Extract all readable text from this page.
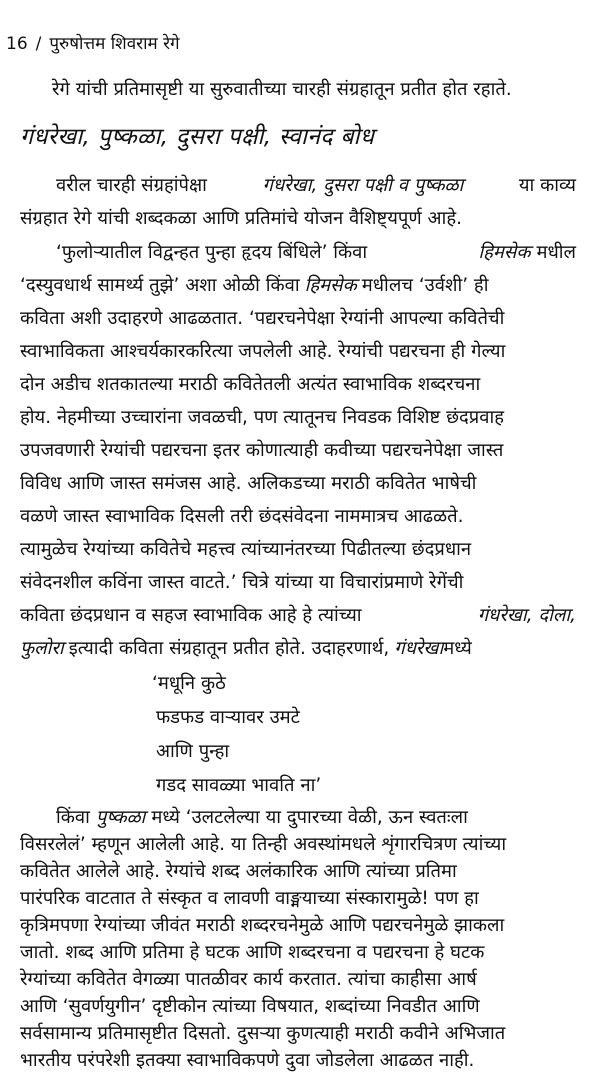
16 / पुरुषोत्तम शिवराम रेगे
रेगे यांची प्रतिमासृष्टी या सुरुवातीच्या चारही संग्रहातून प्रतीत होत रहाते.
गंधरेखा, पुष्कळा, दुसरा पक्षी, स्वानंद बोध
वरील चारही संग्रहांपेक्षा	गंधरेखा, दुसरा पक्षी व पुष्कळा	या काव्य
संग्रहात रेगे यांची शब्दकळा आणि प्रतिमांचे योजन वैशिष्ट्यपूर्ण आहे.
‘फुलोऱ्यातील विद्वन्हत पुन्हा हृदय बिंधिले’ किंवा	हिमसेक मधील
‘दस्युवधार्थ सामर्थ्य तुझे’ अशा ओळी किंवा हिमसेक मधीलच ‘उर्वशी’ ही
कविता अशी उदाहरणे आढळतात. ‘पद्यरचनेपेक्षा रेग्यांनी आपल्या कवितेची
स्वाभाविकता आश्चर्यकारकरित्या जपलेली आहे. रेग्यांची पद्यरचना ही गेल्या
दोन अडीच शतकातल्या मराठी कवितेतली अत्यंत स्वाभाविक शब्दरचना
होय. नेहमीच्या उच्चारांना जवळची, पण त्यातूनच निवडक विशिष्ट छंदप्रवाह
उपजवणारी रेग्यांची पद्यरचना इतर कोणात्याही कवीच्या पद्यरचनेपेक्षा जास्त
विविध आणि जास्त समंजस आहे. अलिकडच्या मराठी कवितेत भाषेची
वळणे जास्त स्वाभाविक दिसली तरी छंदसंवेदना नाममात्रच आढळते.
त्यामुळेच रेग्यांच्या कवितेचे महत्त्व त्यांच्यानंतरच्या पिढीतल्या छंदप्रधान
संवेदनशील कविंना जास्त वाटते.’ चित्रे यांच्या या विचारांप्रमाणे रेगेंची
कविता छंदप्रधान व सहज स्वाभाविक आहे हे त्यांच्या	गंधरेखा, दोला,
फुलोरा इत्यादी कविता संग्रहातून प्रतीत होते. उदाहरणार्थ, गंधरेखा मध्ये
‘मधूनि कुठे
फडफड वाऱ्यावर उमटे
आणि पुन्हा
गडद सावळ्या भावति ना’
किंवा पुष्कळा मध्ये ‘उलटलेल्या या दुपारच्या वेळी, ऊन स्वतःला
विसरलेलं’ म्हणून आलेली आहे. या तिन्ही अवस्थांमधले शृंगारचित्रण त्यांच्या
कवितेत आलेले आहे. रेग्यांचे शब्द अलंकारिक आणि त्यांच्या प्रतिमा
पारंपरिक वाटतात ते संस्कृत व लावणी वाङ्मयाच्या संस्कारामुळे! पण हा
कृत्रिमपणा रेग्यांच्या जीवंत मराठी शब्दरचनेमुळे आणि पद्यरचनेमुळे झाकला
जातो. शब्द आणि प्रतिमा हे घटक आणि शब्दरचना व पद्यरचना हे घटक
रेग्यांच्या कवितेत वेगळ्या पातळीवर कार्य करतात. त्यांचा काहीसा आर्ष
आणि ‘सुवर्णयुगीन’ दृष्टीकोन त्यांच्या विषयात, शब्दांच्या निवडीत आणि
सर्वसामान्य प्रतिमासृष्टीत दिसतो. दुसऱ्या कुणत्याही मराठी कवीने अभिजात
भारतीय परंपरेशी इतक्या स्वाभाविकपणे दुवा जोडलेला आढळत नाही.
